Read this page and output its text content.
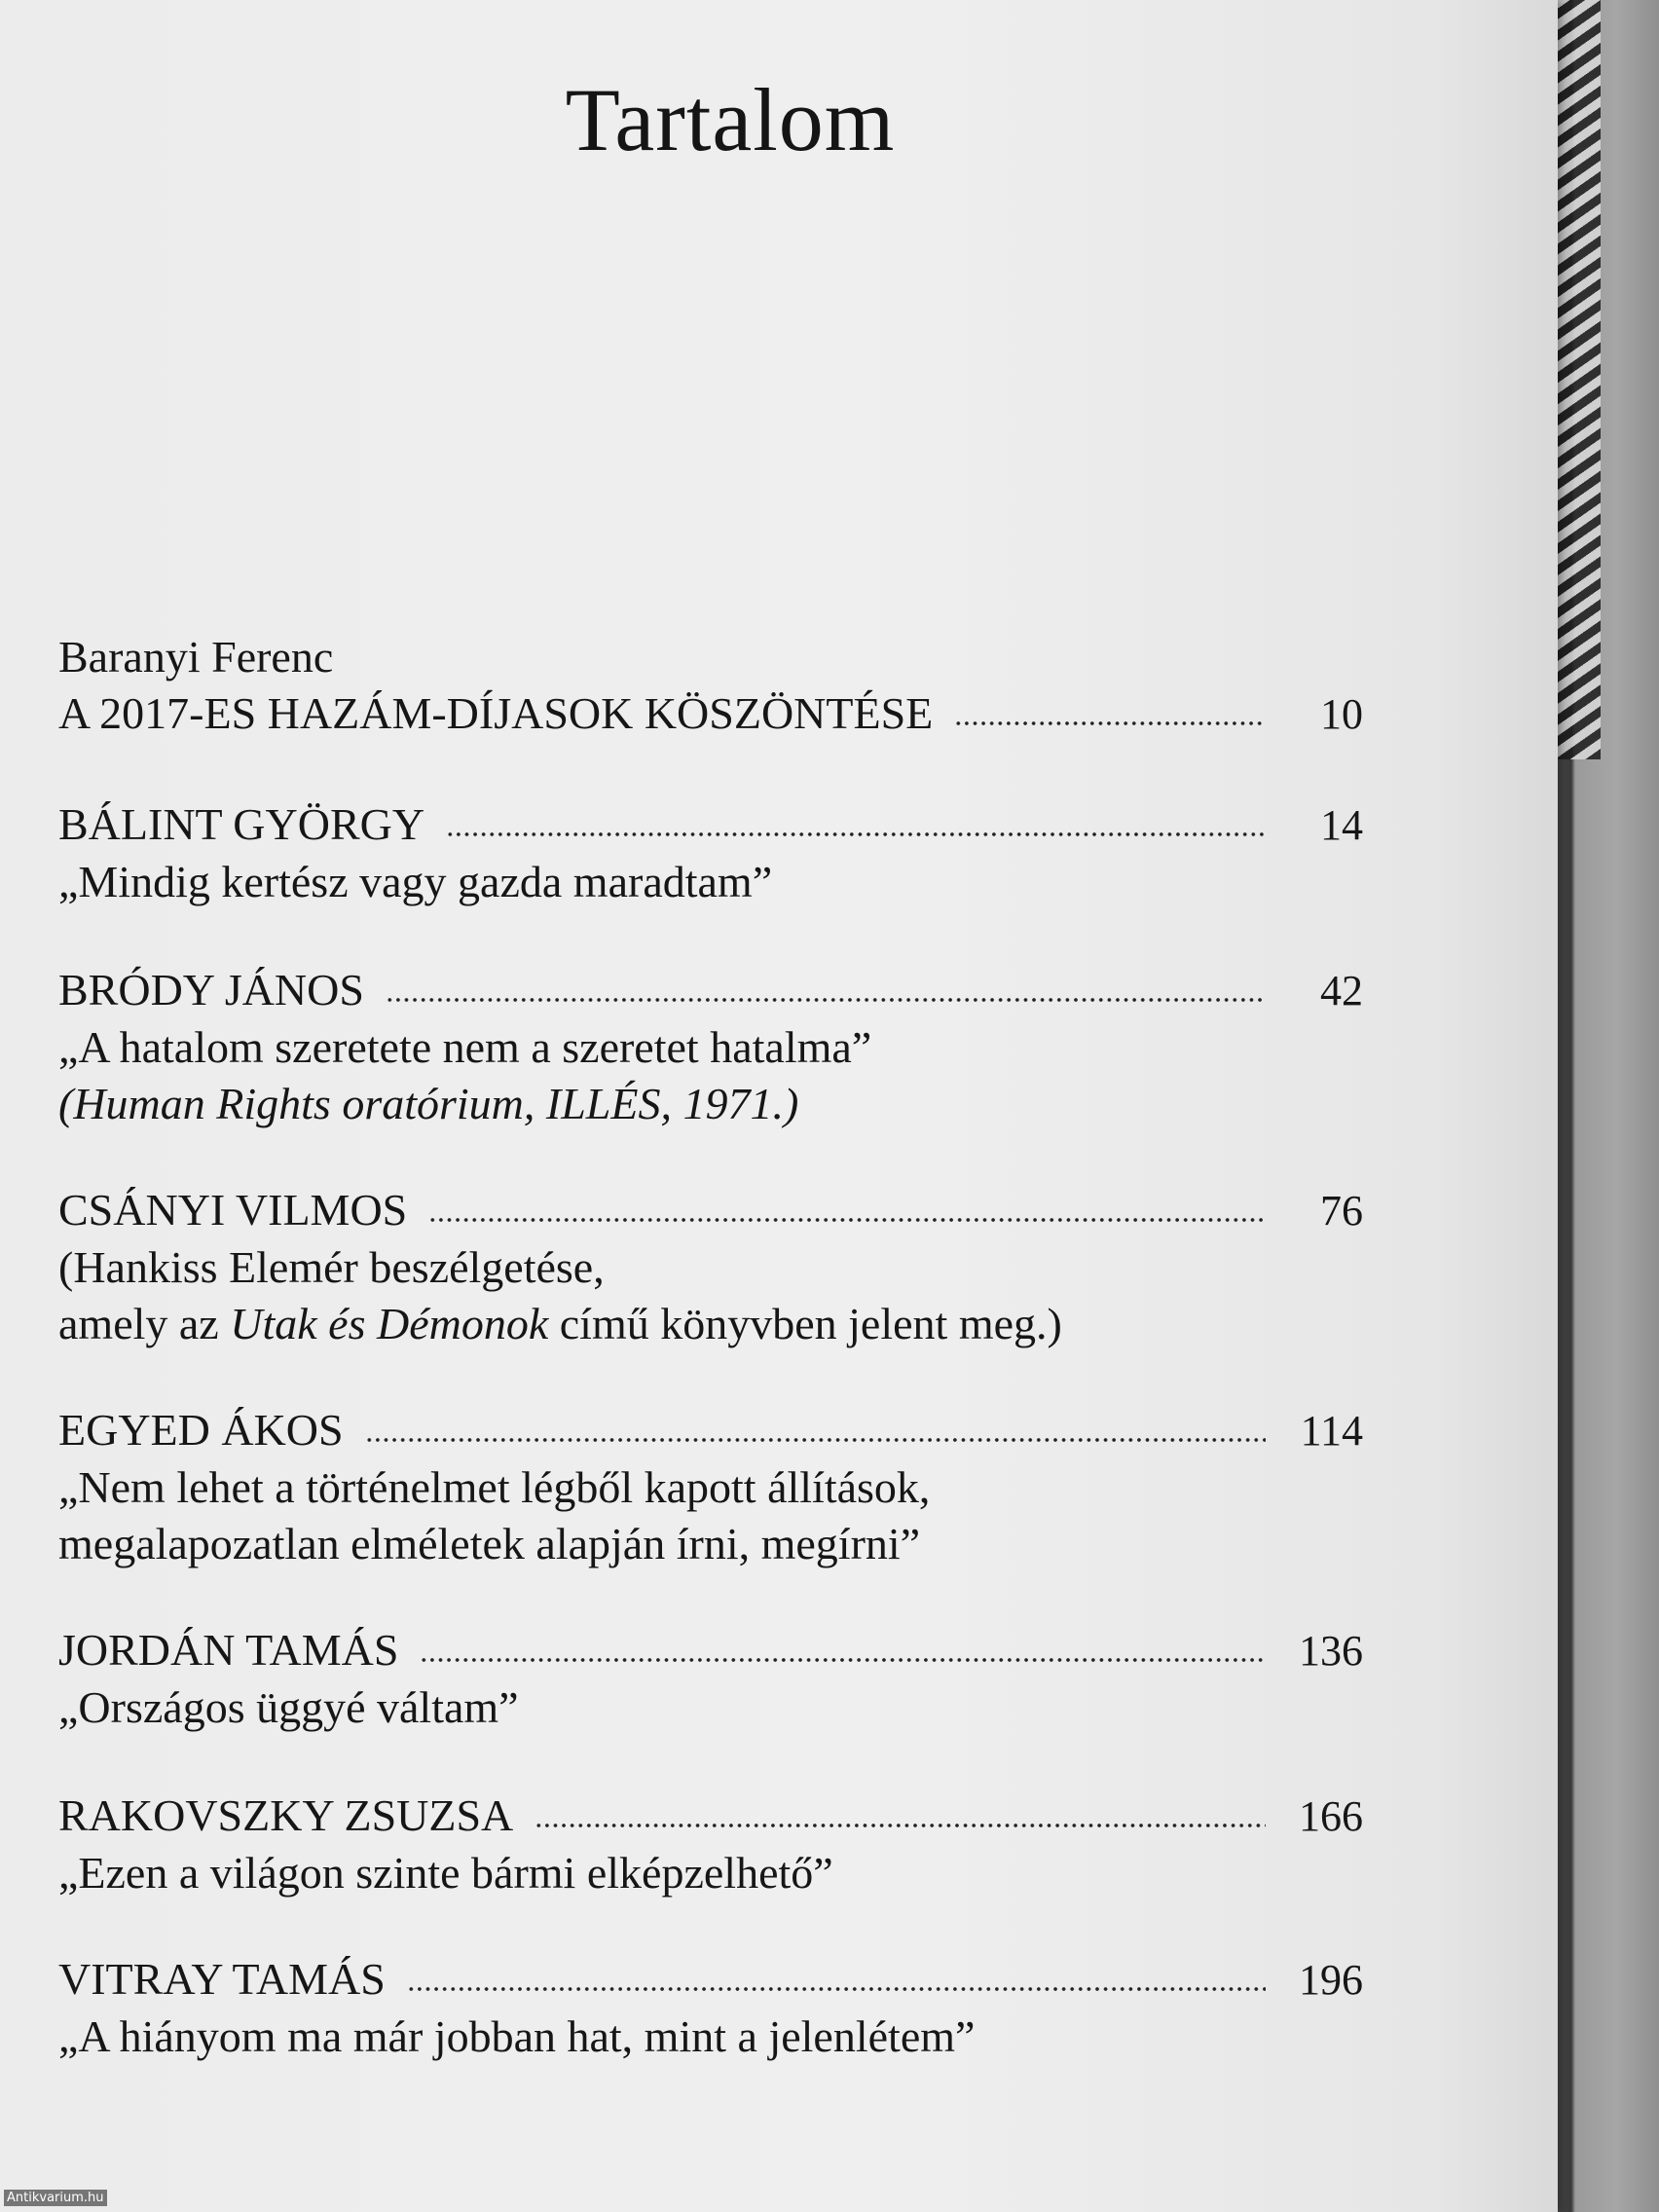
Tartalom
Baranyi Ferenc
A 2017-ES HAZÁM-DÍJASOK KÖSZÖNTÉSE	10
BÁLINT GYÖRGY	14
„Mindig kertész vagy gazda maradtam”
BRÓDY JÁNOS	42
„A hatalom szeretete nem a szeretet hatalma”
(Human Rights oratórium, ILLÉS, 1971.)
CSÁNYI VILMOS	76
(Hankiss Elemér beszélgetése,
amely az Utak és Démonok című könyvben jelent meg.)
EGYED ÁKOS	114
„Nem lehet a történelmet légből kapott állítások,
megalapozatlan elméletek alapján írni, megírni”
JORDÁN TAMÁS	136
„Országos üggyé váltam”
RAKOVSZKY ZSUZSA	166
„Ezen a világon szinte bármi elképzelhető”
VITRAY TAMÁS	196
„A hiányom ma már jobban hat, mint a jelenlétem”
Antikvarium.hu
